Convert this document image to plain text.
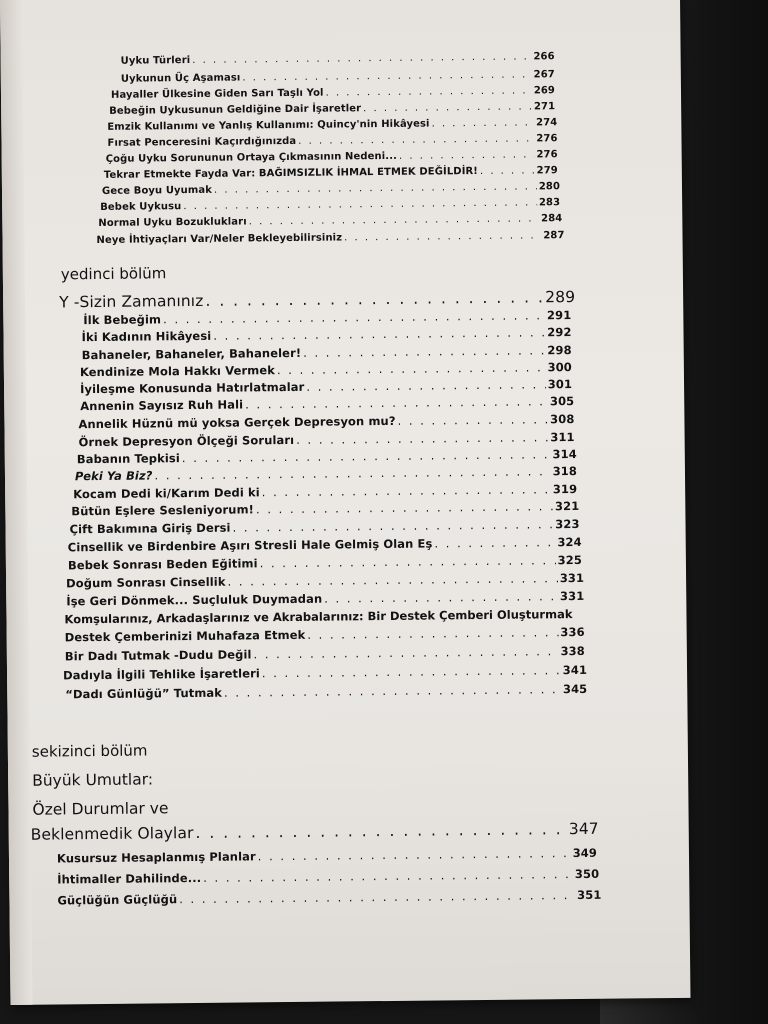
Uyku Türleri . . .	266
Uykunun Üç Aşaması . . .	267
Hayaller Ülkesine Giden Sarı Taşlı Yol . . .	269
Bebeğin Uykusunun Geldiğine Dair İşaretler . . .	271
Emzik Kullanımı ve Yanlış Kullanımı: Quincy'nin Hikâyesi . . .	274
Fırsat Penceresini Kaçırdığınızda . . .	276
Çoğu Uyku Sorununun Ortaya Çıkmasının Nedeni... . . .	276
Tekrar Etmekte Fayda Var: BAĞIMSIZLIK İHMAL ETMEK DEĞİLDİR! . . .	279
Gece Boyu Uyumak . . .	280
Bebek Uykusu . . .	283
Normal Uyku Bozuklukları . . .	284
Neye İhtiyaçları Var/Neler Bekleyebilirsiniz . . .	287
yedinci bölüm
Y -Sizin Zamanınız . . .	289
İlk Bebeğim . . .	291
İki Kadının Hikâyesi . . .	292
Bahaneler, Bahaneler, Bahaneler! . . .	298
Kendinize Mola Hakkı Vermek . . .	300
İyileşme Konusunda Hatırlatmalar . . .	301
Annenin Sayısız Ruh Hali . . .	305
Annelik Hüznü mü yoksa Gerçek Depresyon mu? . . .	308
Örnek Depresyon Ölçeği Soruları . . .	311
Babanın Tepkisi . . .	314
Peki Ya Biz? . . .	318
Kocam Dedi ki/Karım Dedi ki . . .	319
Bütün Eşlere Sesleniyorum! . . .	321
Çift Bakımına Giriş Dersi . . .	323
Cinsellik ve Birdenbire Aşırı Stresli Hale Gelmiş Olan Eş . . .	324
Bebek Sonrası Beden Eğitimi . . .	325
Doğum Sonrası Cinsellik . . .	331
İşe Geri Dönmek... Suçluluk Duymadan . . .	331
Komşularınız, Arkadaşlarınız ve Akrabalarınız: Bir Destek Çemberi Oluşturmak
Destek Çemberinizi Muhafaza Etmek . . .	336
Bir Dadı Tutmak -Dudu Değil . . .	338
Dadıyla İlgili Tehlike İşaretleri . . .	341
“Dadı Günlüğü” Tutmak . . .	345
sekizinci bölüm
Büyük Umutlar:
Özel Durumlar ve
Beklenmedik Olaylar . . .	347
Kusursuz Hesaplanmış Planlar . . .	349
İhtimaller Dahilinde... . . .	350
Güçlüğün Güçlüğü . . .	351
